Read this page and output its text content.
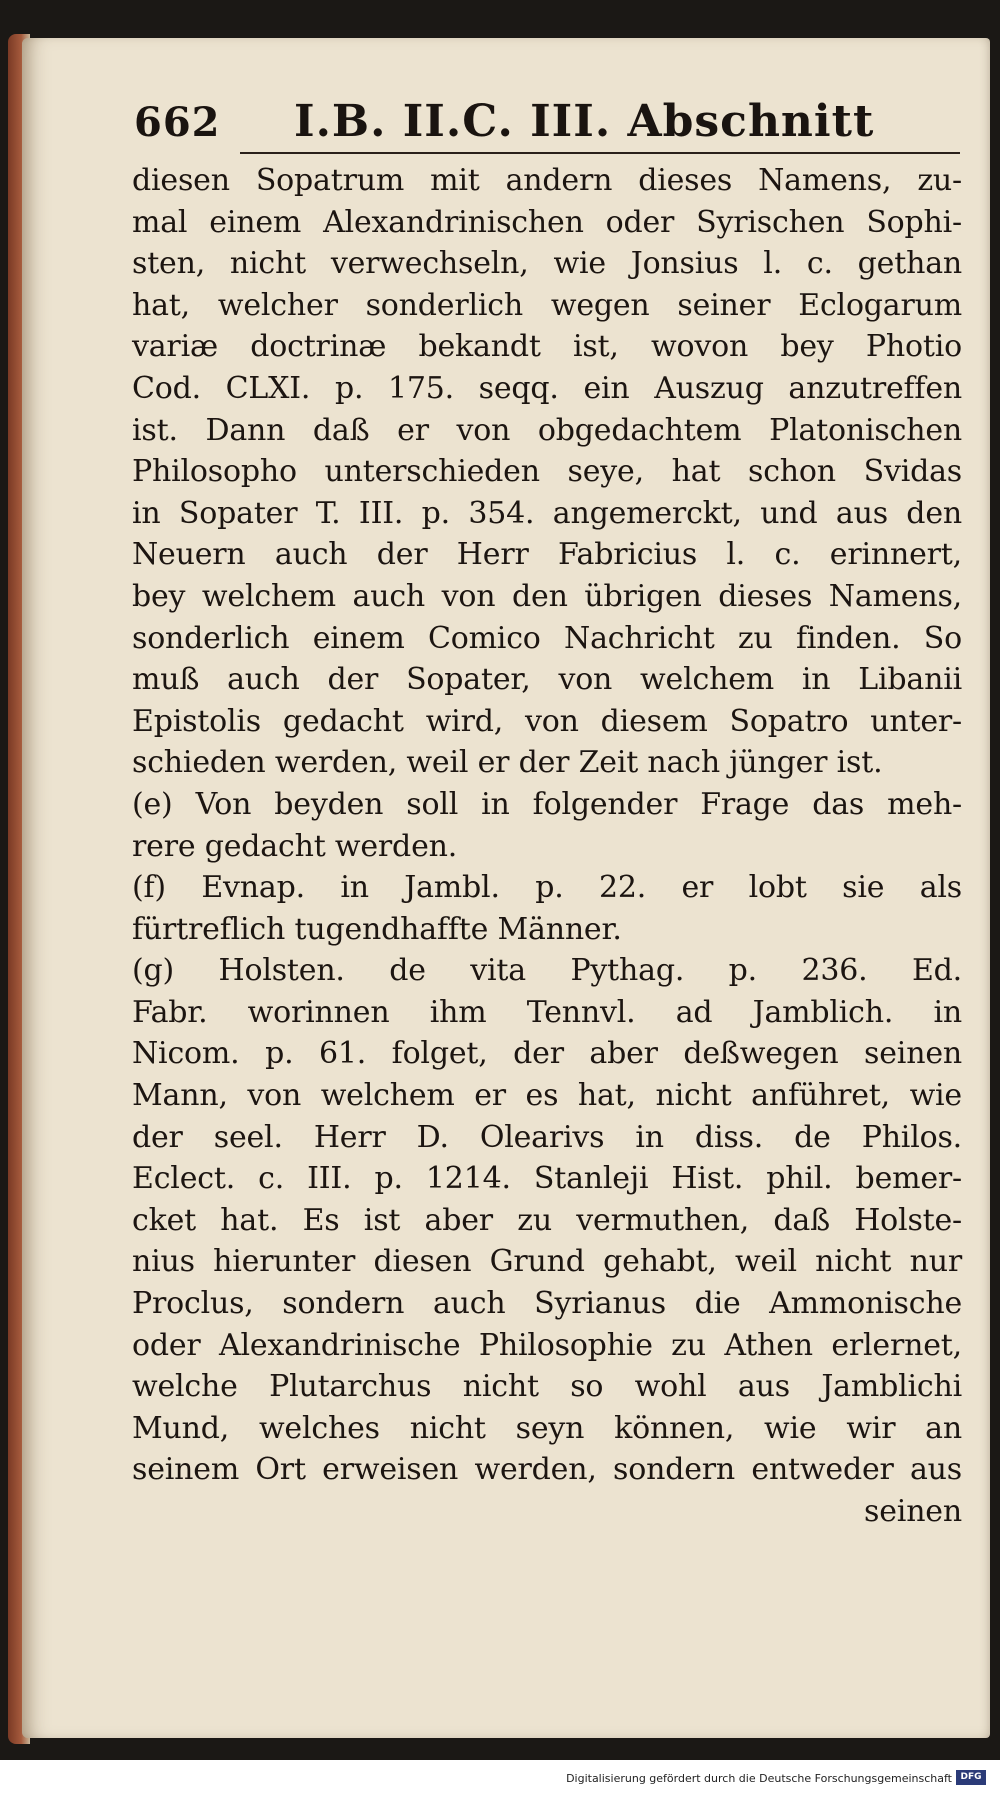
662	I.B. II.C. III. Abschnitt
diesen Sopatrum mit andern dieses Namens, zu-
mal einem Alexandrinischen oder Syrischen Sophi-
sten, nicht verwechseln, wie Jonsius l. c. gethan
hat, welcher sonderlich wegen seiner Eclogarum
variæ doctrinæ bekandt ist, wovon bey Photio
Cod. CLXI. p. 175. seqq. ein Auszug anzutreffen
ist. Dann daß er von obgedachtem Platonischen
Philosopho unterschieden seye, hat schon Svidas
in Sopater T. III. p. 354. angemerckt, und aus den
Neuern auch der Herr Fabricius l. c. erinnert,
bey welchem auch von den übrigen dieses Namens,
sonderlich einem Comico Nachricht zu finden. So
muß auch der Sopater, von welchem in Libanii
Epistolis gedacht wird, von diesem Sopatro unter-
schieden werden, weil er der Zeit nach jünger ist.
(e) Von beyden soll in folgender Frage das meh-
rere gedacht werden.
(f) Evnap. in Jambl. p. 22. er lobt sie als
fürtreflich tugendhaffte Männer.
(g) Holsten. de vita Pythag. p. 236. Ed.
Fabr. worinnen ihm Tennvl. ad Jamblich. in
Nicom. p. 61. folget, der aber deßwegen seinen
Mann, von welchem er es hat, nicht anführet, wie
der seel. Herr D. Olearivs in diss. de Philos.
Eclect. c. III. p. 1214. Stanleji Hist. phil. bemer-
cket hat. Es ist aber zu vermuthen, daß Holste-
nius hierunter diesen Grund gehabt, weil nicht nur
Proclus, sondern auch Syrianus die Ammonische
oder Alexandrinische Philosophie zu Athen erlernet,
welche Plutarchus nicht so wohl aus Jamblichi
Mund, welches nicht seyn können, wie wir an
seinem Ort erweisen werden, sondern entweder aus
seinen
Digitalisierung gefördert durch die Deutsche Forschungsgemeinschaft DFG
